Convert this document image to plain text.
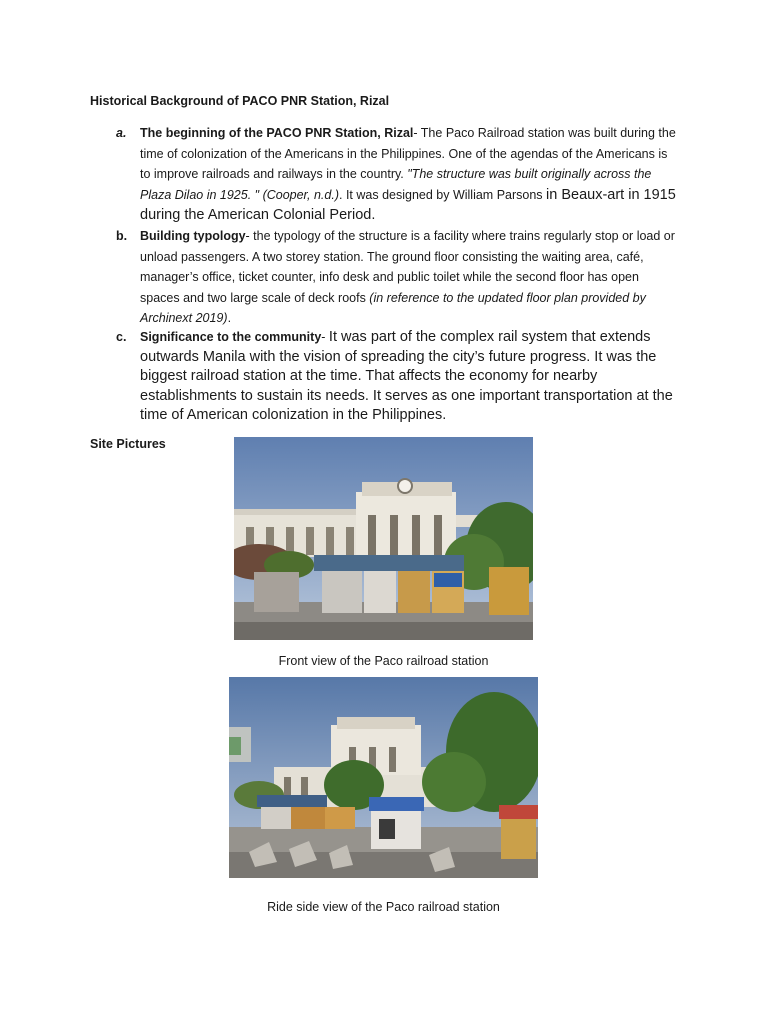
Historical Background of PACO PNR Station, Rizal
a. The beginning of the PACO PNR Station, Rizal- The Paco Railroad station was built during the time of colonization of the Americans in the Philippines. One of the agendas of the Americans is to improve railroads and railways in the country. "The structure was built originally across the Plaza Dilao in 1925. " (Cooper, n.d.). It was designed by William Parsons in Beaux-art in 1915 during the American Colonial Period.
b. Building typology- the typology of the structure is a facility where trains regularly stop or load or unload passengers. A two storey station. The ground floor consisting the waiting area, café, manager’s office, ticket counter, info desk and public toilet while the second floor has open spaces and two large scale of deck roofs (in reference to the updated floor plan provided by Archinext 2019).
c. Significance to the community- It was part of the complex rail system that extends outwards Manila with the vision of spreading the city’s future progress. It was the biggest railroad station at the time. That affects the economy for nearby establishments to sustain its needs. It serves as one important transportation at the time of American colonization in the Philippines.
Site Pictures
Front view of the Paco railroad station
Ride side view of the Paco railroad station
